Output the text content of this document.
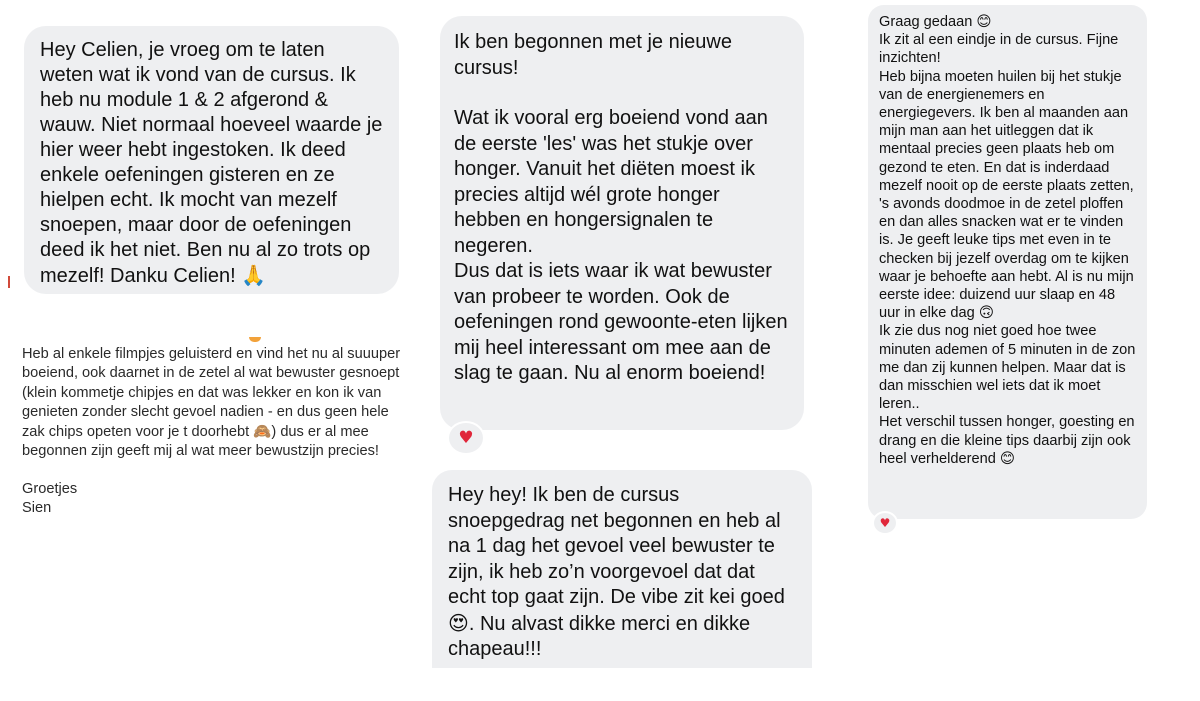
Hey Celien, je vroeg om te laten weten wat ik vond van de cursus. Ik heb nu module 1 & 2 afgerond & wauw. Niet normaal hoeveel waarde je hier weer hebt ingestoken. Ik deed enkele oefeningen gisteren en ze hielpen echt. Ik mocht van mezelf snoepen, maar door de oefeningen deed ik het niet. Ben nu al zo trots op mezelf! Danku Celien! 🙏

Heb al enkele filmpjes geluisterd en vind het nu al suuuper boeiend, ook daarnet in de zetel al wat bewuster gesnoept (klein kommetje chipjes en dat was lekker en kon ik van genieten zonder slecht gevoel nadien - en dus geen hele zak chips opeten voor je t doorhebt 🙈) dus er al mee begonnen zijn geeft mij al wat meer bewustzijn precies!

Groetjes

Sien

Ik ben begonnen met je nieuwe cursus!

Wat ik vooral erg boeiend vond aan de eerste 'les' was het stukje over honger. Vanuit het diëten moest ik precies altijd wél grote honger hebben en hongersignalen te negeren.

Dus dat is iets waar ik wat bewuster van probeer te worden. Ook de oefeningen rond gewoonte-eten lijken mij heel interessant om mee aan de slag te gaan. Nu al enorm boeiend!

♥
Hey hey! Ik ben de cursus snoepgedrag net begonnen en heb al na 1 dag het gevoel veel bewuster te zijn, ik heb zo’n voorgevoel dat dat echt top gaat zijn. De vibe zit kei goed 😍. Nu alvast dikke merci en dikke chapeau!!!

Graag gedaan 😊

Ik zit al een eindje in de cursus. Fijne inzichten!

Heb bijna moeten huilen bij het stukje van de energienemers en energiegevers. Ik ben al maanden aan mijn man aan het uitleggen dat ik mentaal precies geen plaats heb om gezond te eten. En dat is inderdaad mezelf nooit op de eerste plaats zetten, 's avonds doodmoe in de zetel ploffen en dan alles snacken wat er te vinden is. Je geeft leuke tips met even in te checken bij jezelf overdag om te kijken waar je behoefte aan hebt. Al is nu mijn eerste idee: duizend uur slaap en 48 uur in elke dag 🙃

Ik zie dus nog niet goed hoe twee minuten ademen of 5 minuten in de zon me dan zij kunnen helpen. Maar dat is dan misschien wel iets dat ik moet leren..

Het verschil tussen honger, goesting en drang en die kleine tips daarbij zijn ook heel verhelderend 😊

♥
